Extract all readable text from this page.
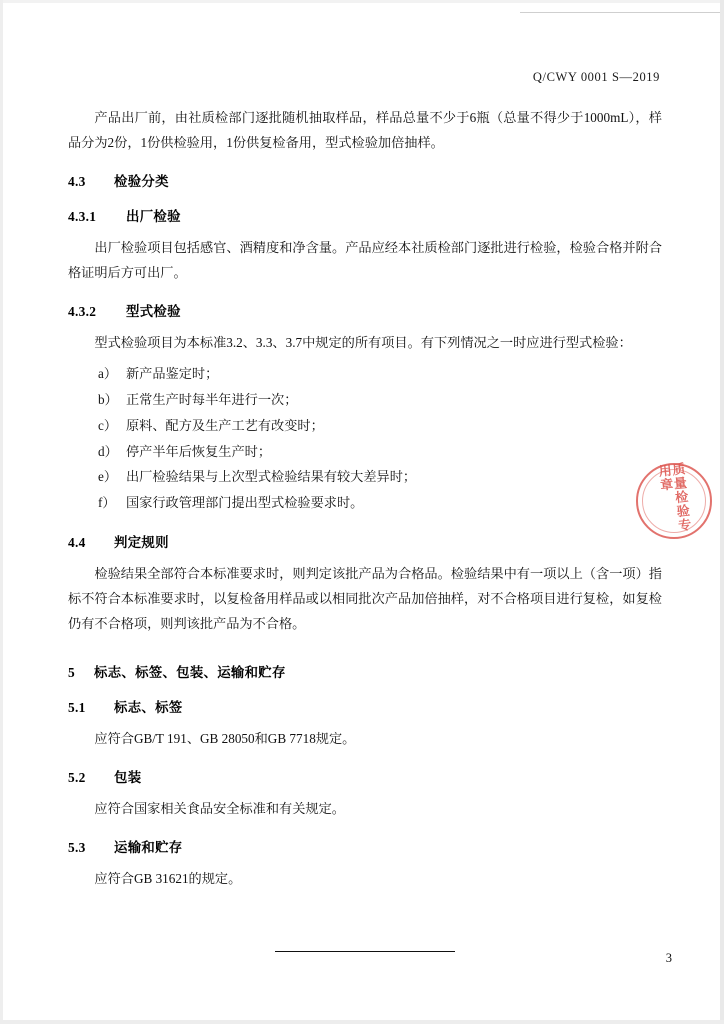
Q/CWY 0001 S—2019

产品出厂前，由社质检部门逐批随机抽取样品，样品总量不少于6瓶（总量不得少于1000mL），样品分为2份，1份供检验用，1份供复检备用，型式检验加倍抽样。

4.3 检验分类
4.3.1 出厂检验

出厂检验项目包括感官、酒精度和净含量。产品应经本社质检部门逐批进行检验，检验合格并附合格证明后方可出厂。

4.3.2 型式检验

型式检验项目为本标准3.2、3.3、3.7中规定的所有项目。有下列情况之一时应进行型式检验：

a） 新产品鉴定时；
b） 正常生产时每半年进行一次；
c） 原料、配方及生产工艺有改变时；
d） 停产半年后恢复生产时；
e） 出厂检验结果与上次型式检验结果有较大差异时；
f） 国家行政管理部门提出型式检验要求时。
4.4 判定规则

检验结果全部符合本标准要求时，则判定该批产品为合格品。检验结果中有一项以上（含一项）指标不符合本标准要求时，以复检备用样品或以相同批次产品加倍抽样，对不合格项目进行复检，如复检仍有不合格项，则判该批产品为不合格。

5 标志、标签、包装、运输和贮存
5.1 标志、标签

应符合GB/T 191、GB 28050和GB 7718规定。

5.2 包装

应符合国家相关食品安全标准和有关规定。

5.3 运输和贮存

应符合GB 31621的规定。

质量检验专用章
3
